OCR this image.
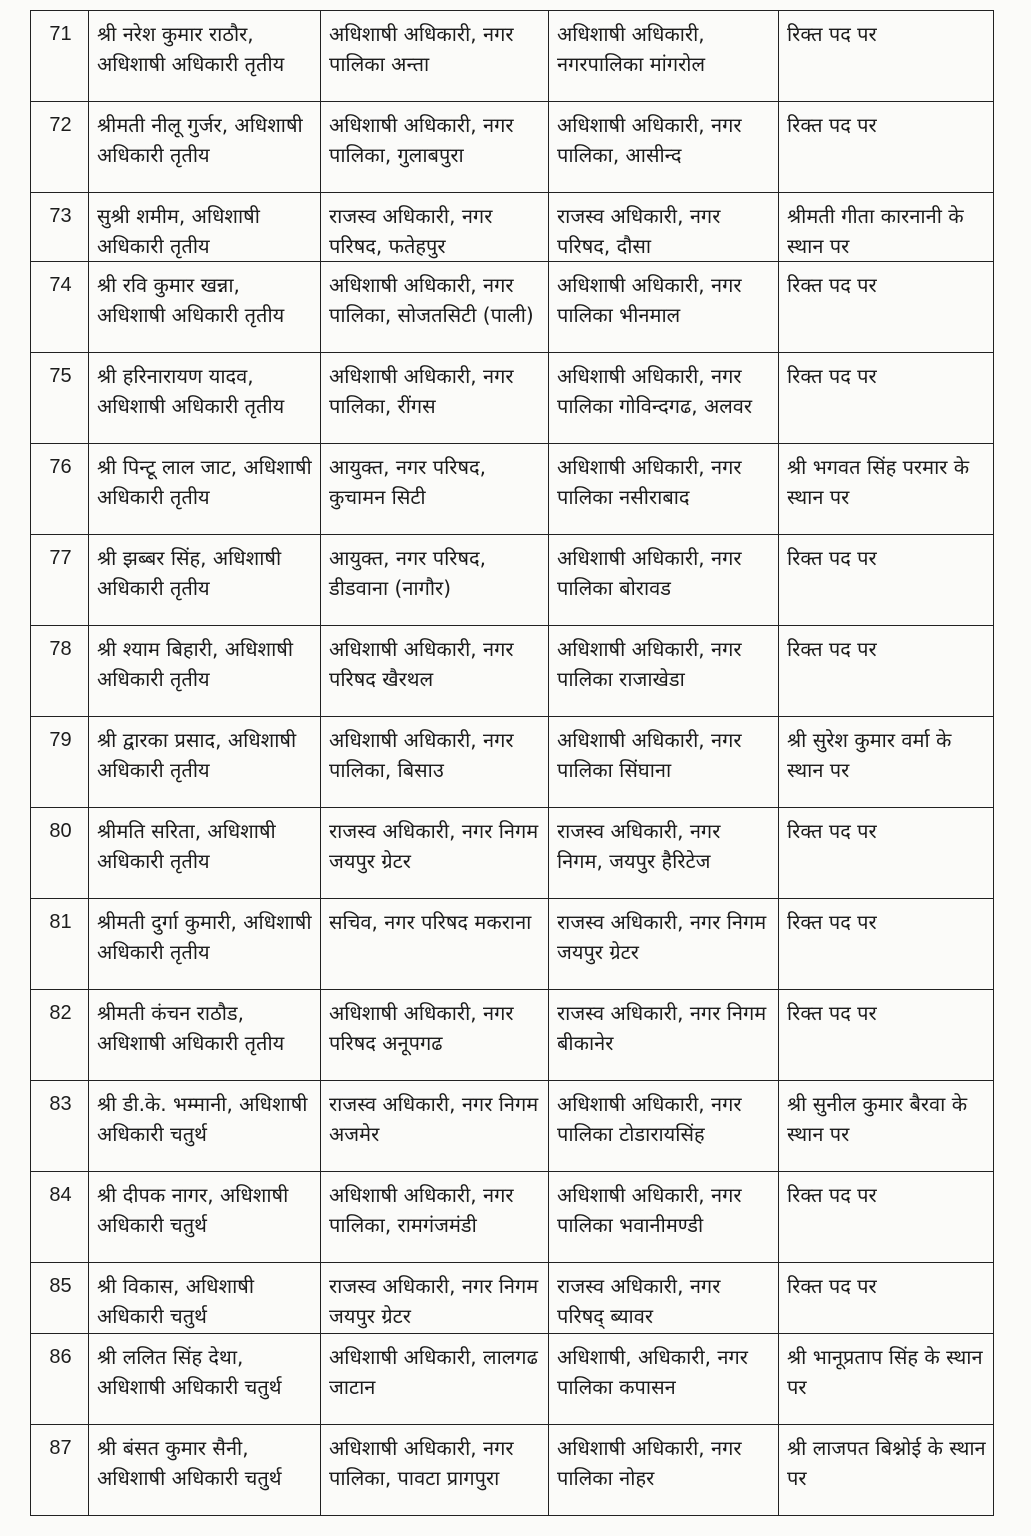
71	श्री नरेश कुमार राठौर, अधिशाषी अधिकारी तृतीय	अधिशाषी अधिकारी, नगर पालिका अन्ता	अधिशाषी अधिकारी, नगरपालिका मांगरोल	रिक्त पद पर
72	श्रीमती नीलू गुर्जर, अधिशाषी अधिकारी तृतीय	अधिशाषी अधिकारी, नगर पालिका, गुलाबपुरा	अधिशाषी अधिकारी, नगर पालिका, आसीन्द	रिक्त पद पर
73	सुश्री शमीम, अधिशाषी अधिकारी तृतीय	राजस्व अधिकारी, नगर परिषद, फतेहपुर	राजस्व अधिकारी, नगर परिषद, दौसा	श्रीमती गीता कारनानी के स्थान पर
74	श्री रवि कुमार खन्ना, अधिशाषी अधिकारी तृतीय	अधिशाषी अधिकारी, नगर पालिका, सोजतसिटी (पाली)	अधिशाषी अधिकारी, नगर पालिका भीनमाल	रिक्त पद पर
75	श्री हरिनारायण यादव, अधिशाषी अधिकारी तृतीय	अधिशाषी अधिकारी, नगर पालिका, रींगस	अधिशाषी अधिकारी, नगर पालिका गोविन्दगढ, अलवर	रिक्त पद पर
76	श्री पिन्टू लाल जाट, अधिशाषी अधिकारी तृतीय	आयुक्त, नगर परिषद, कुचामन सिटी	अधिशाषी अधिकारी, नगर पालिका नसीराबाद	श्री भगवत सिंह परमार के स्थान पर
77	श्री झब्बर सिंह, अधिशाषी अधिकारी तृतीय	आयुक्त, नगर परिषद, डीडवाना (नागौर)	अधिशाषी अधिकारी, नगर पालिका बोरावड	रिक्त पद पर
78	श्री श्याम बिहारी, अधिशाषी अधिकारी तृतीय	अधिशाषी अधिकारी, नगर परिषद खैरथल	अधिशाषी अधिकारी, नगर पालिका राजाखेडा	रिक्त पद पर
79	श्री द्वारका प्रसाद, अधिशाषी अधिकारी तृतीय	अधिशाषी अधिकारी, नगर पालिका, बिसाउ	अधिशाषी अधिकारी, नगर पालिका सिंघाना	श्री सुरेश कुमार वर्मा के स्थान पर
80	श्रीमति सरिता, अधिशाषी अधिकारी तृतीय	राजस्व अधिकारी, नगर निगम जयपुर ग्रेटर	राजस्व अधिकारी, नगर निगम, जयपुर हैरिटेज	रिक्त पद पर
81	श्रीमती दुर्गा कुमारी, अधिशाषी अधिकारी तृतीय	सचिव, नगर परिषद मकराना	राजस्व अधिकारी, नगर निगम जयपुर ग्रेटर	रिक्त पद पर
82	श्रीमती कंचन राठौड, अधिशाषी अधिकारी तृतीय	अधिशाषी अधिकारी, नगर परिषद अनूपगढ	राजस्व अधिकारी, नगर निगम बीकानेर	रिक्त पद पर
83	श्री डी.के. भम्मानी, अधिशाषी अधिकारी चतुर्थ	राजस्व अधिकारी, नगर निगम अजमेर	अधिशाषी अधिकारी, नगर पालिका टोडारायसिंह	श्री सुनील कुमार बैरवा के स्थान पर
84	श्री दीपक नागर, अधिशाषी अधिकारी चतुर्थ	अधिशाषी अधिकारी, नगर पालिका, रामगंजमंडी	अधिशाषी अधिकारी, नगर पालिका भवानीमण्डी	रिक्त पद पर
85	श्री विकास, अधिशाषी अधिकारी चतुर्थ	राजस्व अधिकारी, नगर निगम जयपुर ग्रेटर	राजस्व अधिकारी, नगर परिषद् ब्यावर	रिक्त पद पर
86	श्री ललित सिंह देथा, अधिशाषी अधिकारी चतुर्थ	अधिशाषी अधिकारी, लालगढ जाटान	अधिशाषी, अधिकारी, नगर पालिका कपासन	श्री भानूप्रताप सिंह के स्थान पर
87	श्री बंसत कुमार सैनी, अधिशाषी अधिकारी चतुर्थ	अधिशाषी अधिकारी, नगर पालिका, पावटा प्रागपुरा	अधिशाषी अधिकारी, नगर पालिका नोहर	श्री लाजपत बिश्नोई के स्थान पर
